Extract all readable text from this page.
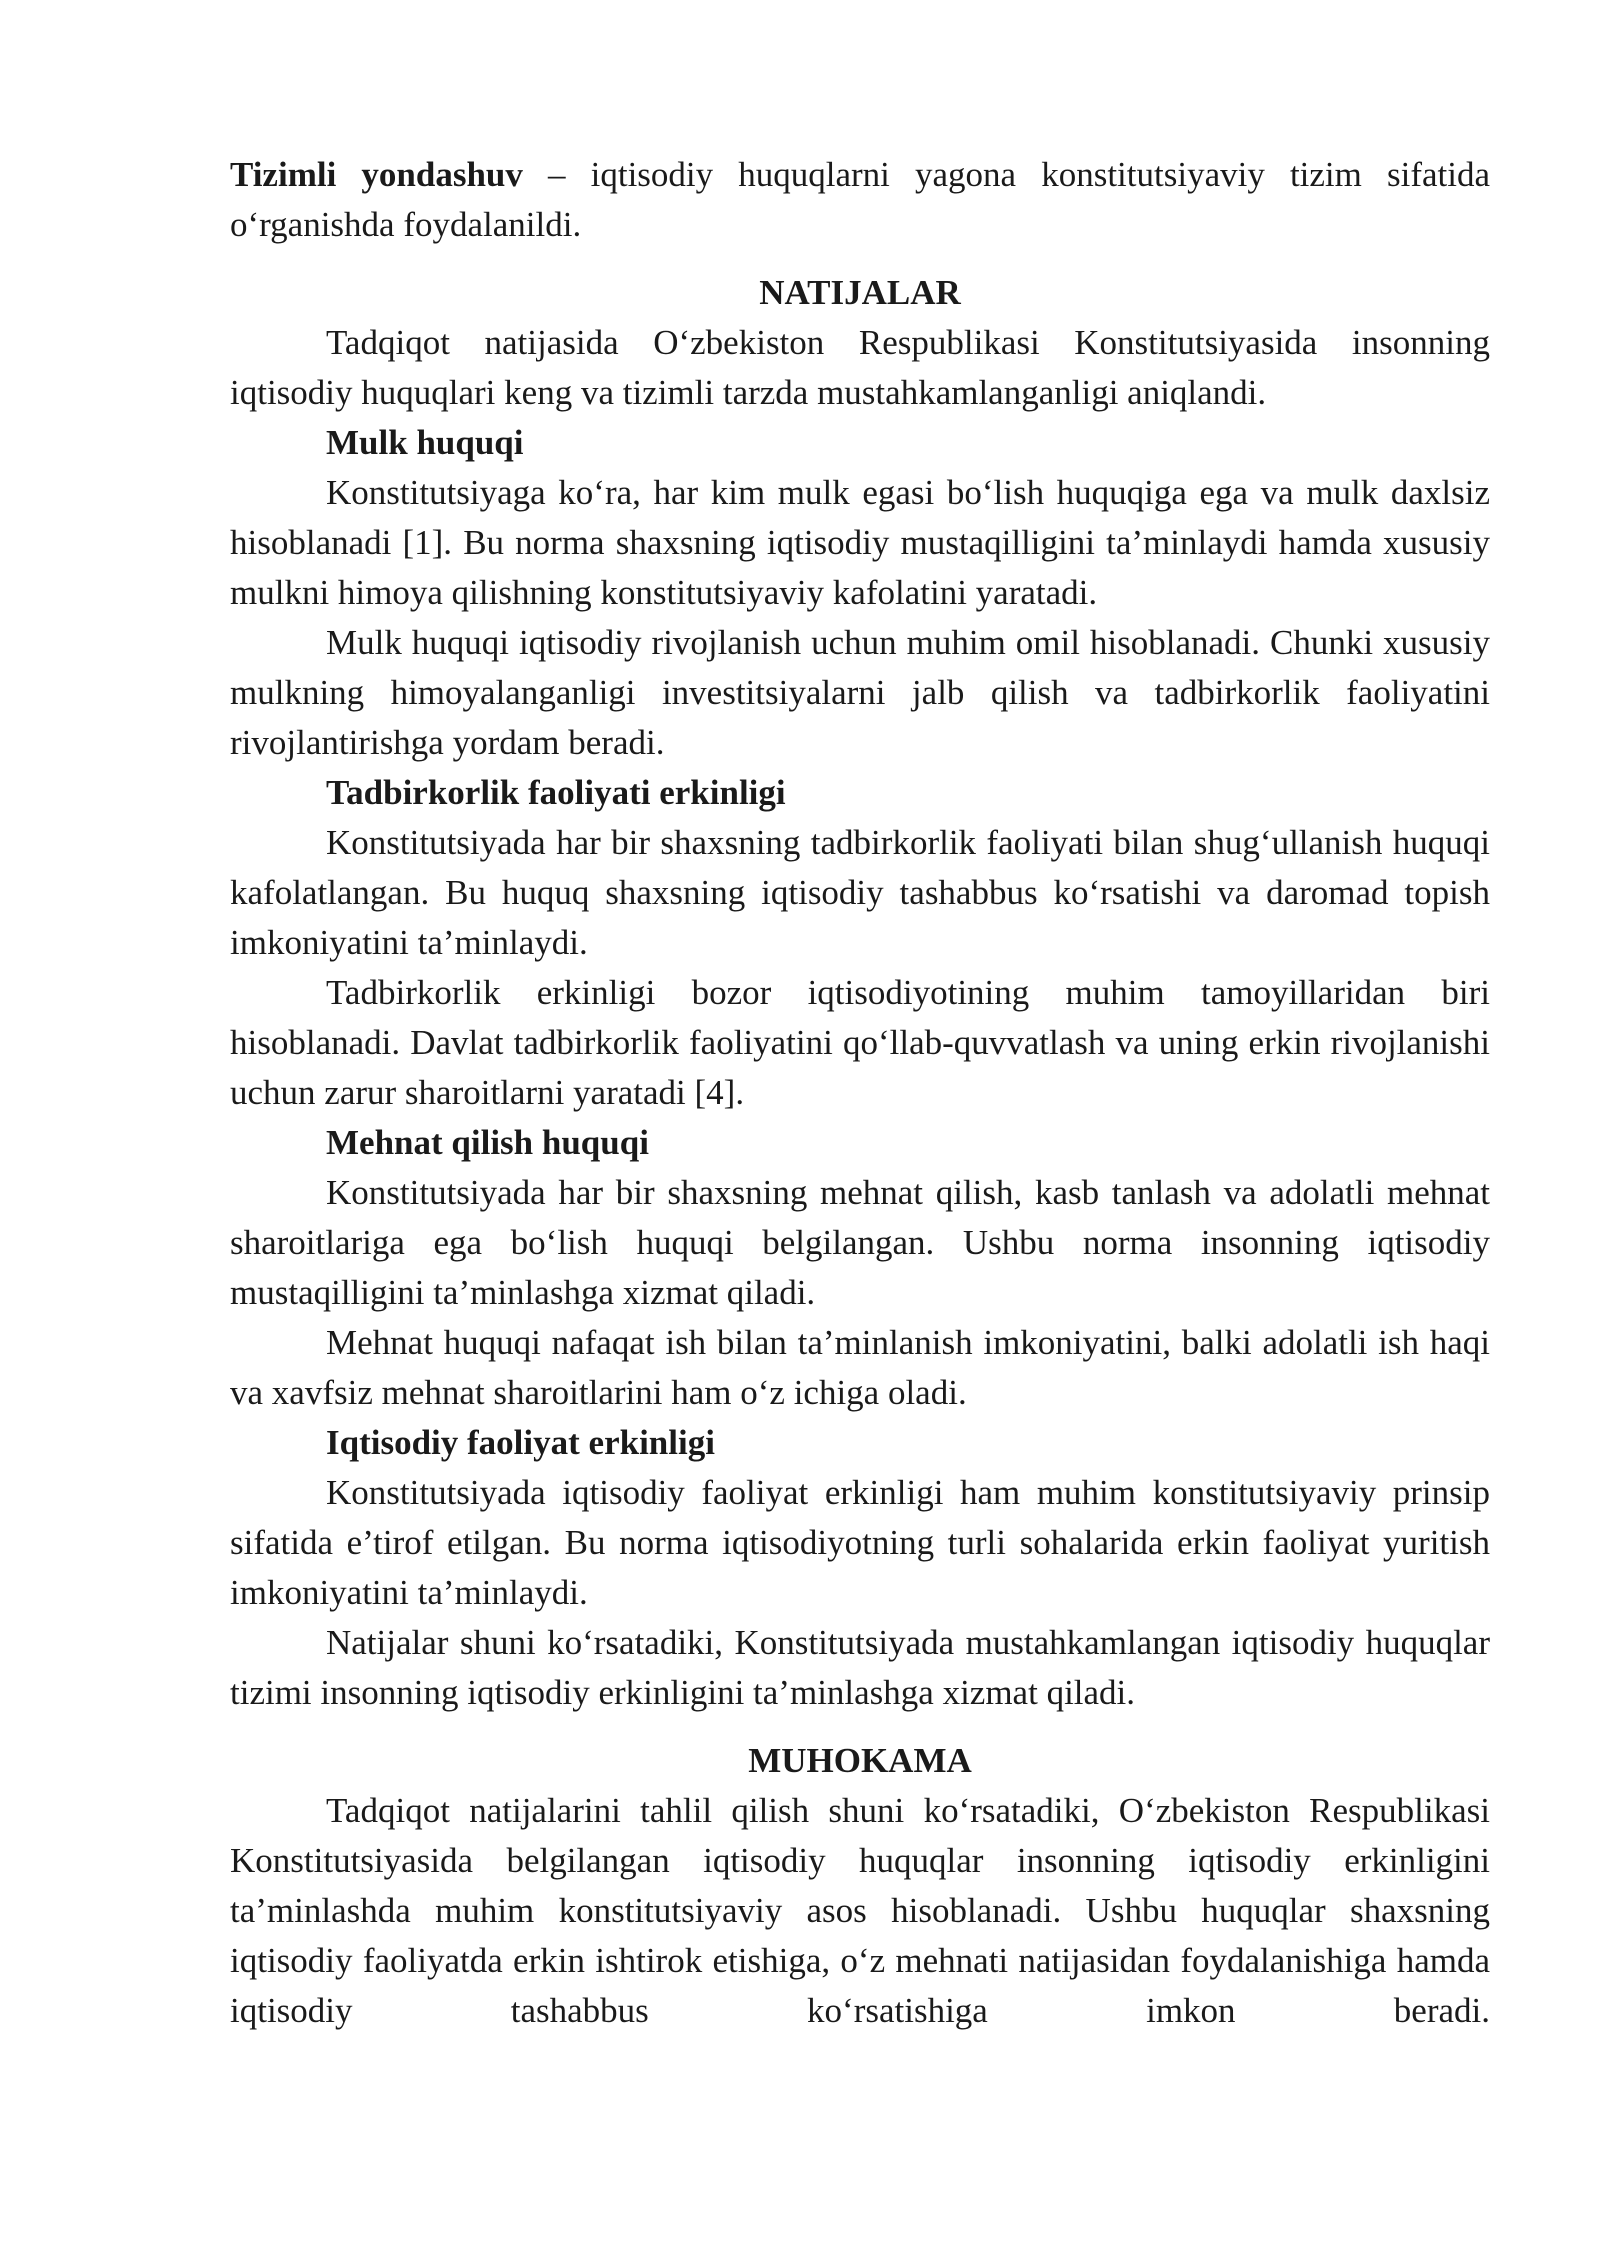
Tizimli yondashuv – iqtisodiy huquqlarni yagona konstitutsiyaviy tizim sifatida o‘rganishda foydalanildi.

NATIJALAR

Tadqiqot natijasida O‘zbekiston Respublikasi Konstitutsiyasida insonning iqtisodiy huquqlari keng va tizimli tarzda mustahkamlanganligi aniqlandi.

Mulk huquqi

Konstitutsiyaga ko‘ra, har kim mulk egasi bo‘lish huquqiga ega va mulk daxlsiz hisoblanadi [1]. Bu norma shaxsning iqtisodiy mustaqilligini ta’minlaydi hamda xususiy mulkni himoya qilishning konstitutsiyaviy kafolatini yaratadi.

Mulk huquqi iqtisodiy rivojlanish uchun muhim omil hisoblanadi. Chunki xususiy mulkning himoyalanganligi investitsiyalarni jalb qilish va tadbirkorlik faoliyatini rivojlantirishga yordam beradi.

Tadbirkorlik faoliyati erkinligi

Konstitutsiyada har bir shaxsning tadbirkorlik faoliyati bilan shug‘ullanish huquqi kafolatlangan. Bu huquq shaxsning iqtisodiy tashabbus ko‘rsatishi va daromad topish imkoniyatini ta’minlaydi.

Tadbirkorlik erkinligi bozor iqtisodiyotining muhim tamoyillaridan biri hisoblanadi. Davlat tadbirkorlik faoliyatini qo‘llab-quvvatlash va uning erkin rivojlanishi uchun zarur sharoitlarni yaratadi [4].

Mehnat qilish huquqi

Konstitutsiyada har bir shaxsning mehnat qilish, kasb tanlash va adolatli mehnat sharoitlariga ega bo‘lish huquqi belgilangan. Ushbu norma insonning iqtisodiy mustaqilligini ta’minlashga xizmat qiladi.

Mehnat huquqi nafaqat ish bilan ta’minlanish imkoniyatini, balki adolatli ish haqi va xavfsiz mehnat sharoitlarini ham o‘z ichiga oladi.

Iqtisodiy faoliyat erkinligi

Konstitutsiyada iqtisodiy faoliyat erkinligi ham muhim konstitutsiyaviy prinsip sifatida e’tirof etilgan. Bu norma iqtisodiyotning turli sohalarida erkin faoliyat yuritish imkoniyatini ta’minlaydi.

Natijalar shuni ko‘rsatadiki, Konstitutsiyada mustahkamlangan iqtisodiy huquqlar tizimi insonning iqtisodiy erkinligini ta’minlashga xizmat qiladi.

MUHOKAMA

Tadqiqot natijalarini tahlil qilish shuni ko‘rsatadiki, O‘zbekiston Respublikasi Konstitutsiyasida belgilangan iqtisodiy huquqlar insonning iqtisodiy erkinligini ta’minlashda muhim konstitutsiyaviy asos hisoblanadi. Ushbu huquqlar shaxsning iqtisodiy faoliyatda erkin ishtirok etishiga, o‘z mehnati natijasidan foydalanishiga hamda iqtisodiy tashabbus ko‘rsatishiga imkon beradi.
